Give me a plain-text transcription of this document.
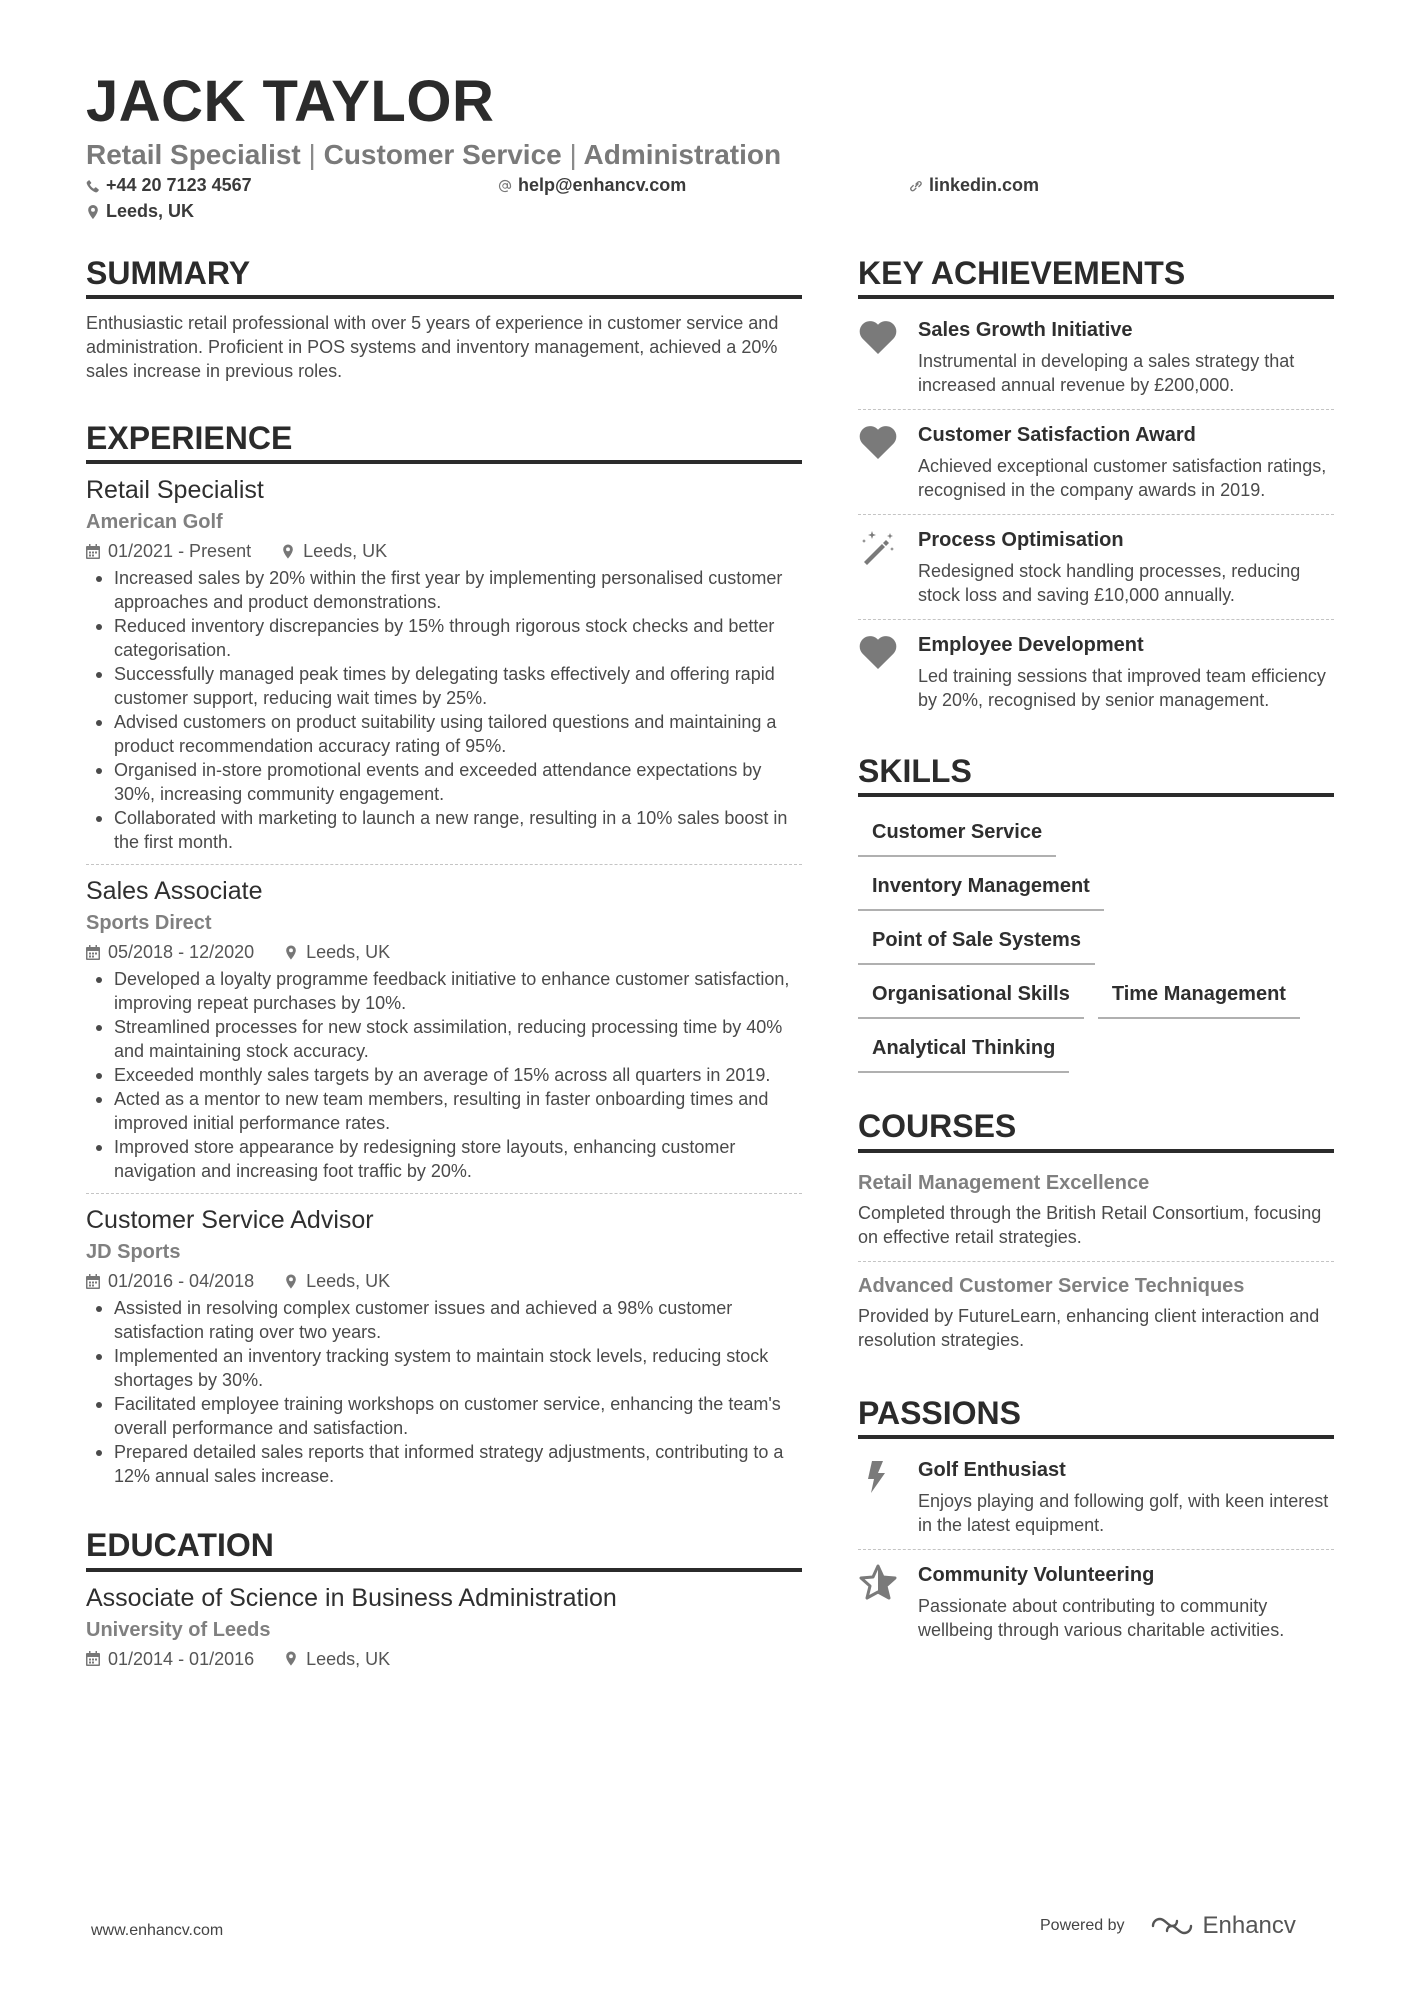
JACK TAYLOR
Retail Specialist | Customer Service | Administration
+44 20 7123 4567	help@enhancv.com	linkedin.com
Leeds, UK
SUMMARY

Enthusiastic retail professional with over 5 years of experience in customer service and administration. Proficient in POS systems and inventory management, achieved a 20% sales increase in previous roles.

EXPERIENCE
Retail Specialist
American Golf
01/2021 - Present	Leeds, UK
Increased sales by 20% within the first year by implementing personalised customer approaches and product demonstrations.
Reduced inventory discrepancies by 15% through rigorous stock checks and better categorisation.
Successfully managed peak times by delegating tasks effectively and offering rapid customer support, reducing wait times by 25%.
Advised customers on product suitability using tailored questions and maintaining a product recommendation accuracy rating of 95%.
Organised in-store promotional events and exceeded attendance expectations by 30%, increasing community engagement.
Collaborated with marketing to launch a new range, resulting in a 10% sales boost in the first month.
Sales Associate
Sports Direct
05/2018 - 12/2020	Leeds, UK
Developed a loyalty programme feedback initiative to enhance customer satisfaction, improving repeat purchases by 10%.
Streamlined processes for new stock assimilation, reducing processing time by 40% and maintaining stock accuracy.
Exceeded monthly sales targets by an average of 15% across all quarters in 2019.
Acted as a mentor to new team members, resulting in faster onboarding times and improved initial performance rates.
Improved store appearance by redesigning store layouts, enhancing customer navigation and increasing foot traffic by 20%.
Customer Service Advisor
JD Sports
01/2016 - 04/2018	Leeds, UK
Assisted in resolving complex customer issues and achieved a 98% customer satisfaction rating over two years.
Implemented an inventory tracking system to maintain stock levels, reducing stock shortages by 30%.
Facilitated employee training workshops on customer service, enhancing the team's overall performance and satisfaction.
Prepared detailed sales reports that informed strategy adjustments, contributing to a 12% annual sales increase.
EDUCATION
Associate of Science in Business Administration
University of Leeds
01/2014 - 01/2016	Leeds, UK
KEY ACHIEVEMENTS
Sales Growth Initiative
Instrumental in developing a sales strategy that increased annual revenue by £200,000.
Customer Satisfaction Award
Achieved exceptional customer satisfaction ratings, recognised in the company awards in 2019.
Process Optimisation
Redesigned stock handling processes, reducing stock loss and saving £10,000 annually.
Employee Development
Led training sessions that improved team efficiency by 20%, recognised by senior management.
SKILLS
Customer Service
Inventory Management
Point of Sale Systems
Organisational Skills	Time Management
Analytical Thinking
COURSES
Retail Management Excellence
Completed through the British Retail Consortium, focusing on effective retail strategies.
Advanced Customer Service Techniques
Provided by FutureLearn, enhancing client interaction and resolution strategies.
PASSIONS
Golf Enthusiast
Enjoys playing and following golf, with keen interest in the latest equipment.
Community Volunteering
Passionate about contributing to community wellbeing through various charitable activities.
www.enhancv.com	Powered by	Enhancv
